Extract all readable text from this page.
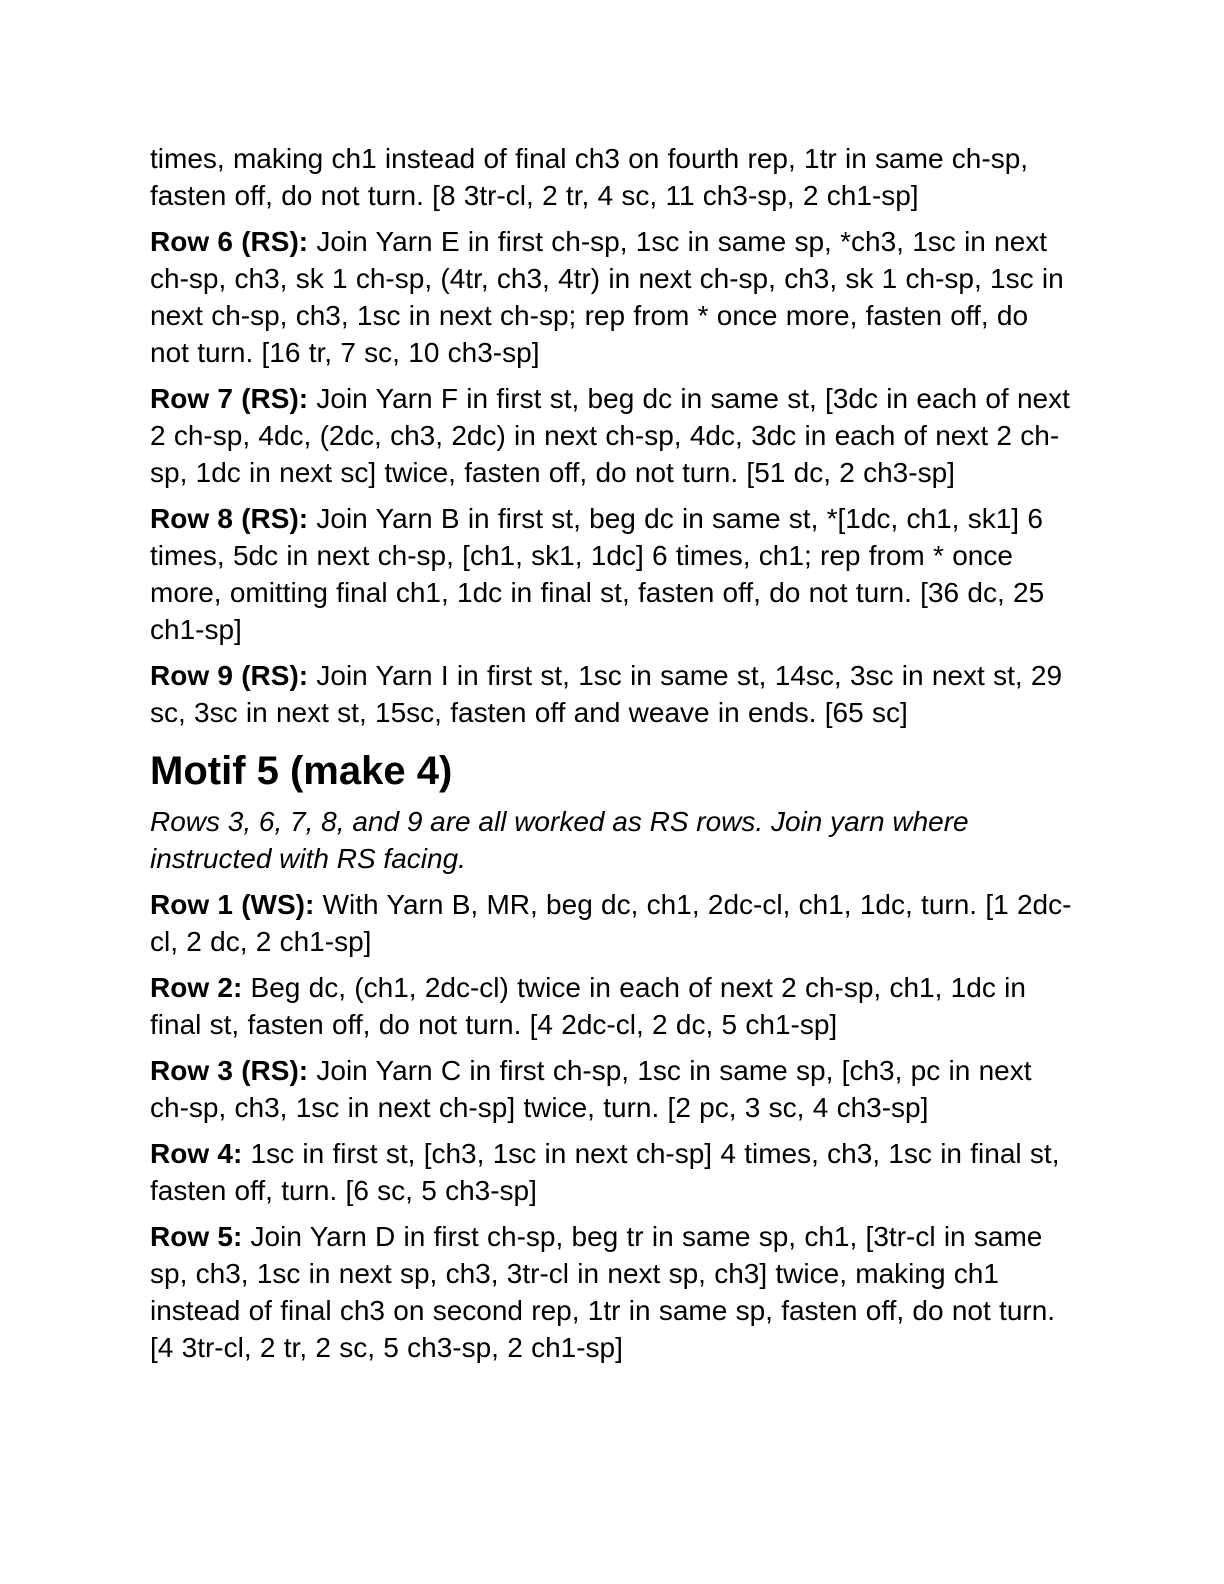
times, making ch1 instead of final ch3 on fourth rep, 1tr in same ch-sp, fasten off, do not turn. [8 3tr-cl, 2 tr, 4 sc, 11 ch3-sp, 2 ch1-sp]

Row 6 (RS): Join Yarn E in first ch-sp, 1sc in same sp, *ch3, 1sc in next ch-sp, ch3, sk 1 ch-sp, (4tr, ch3, 4tr) in next ch-sp, ch3, sk 1 ch-sp, 1sc in next ch-sp, ch3, 1sc in next ch-sp; rep from * once more, fasten off, do not turn. [16 tr, 7 sc, 10 ch3-sp]

Row 7 (RS): Join Yarn F in first st, beg dc in same st, [3dc in each of next 2 ch-sp, 4dc, (2dc, ch3, 2dc) in next ch-sp, 4dc, 3dc in each of next 2 ch-sp, 1dc in next sc] twice, fasten off, do not turn. [51 dc, 2 ch3-sp]

Row 8 (RS): Join Yarn B in first st, beg dc in same st, *[1dc, ch1, sk1] 6 times, 5dc in next ch-sp, [ch1, sk1, 1dc] 6 times, ch1; rep from * once more, omitting final ch1, 1dc in final st, fasten off, do not turn. [36 dc, 25 ch1-sp]

Row 9 (RS): Join Yarn I in first st, 1sc in same st, 14sc, 3sc in next st, 29 sc, 3sc in next st, 15sc, fasten off and weave in ends. [65 sc]

Motif 5 (make 4)

Rows 3, 6, 7, 8, and 9 are all worked as RS rows. Join yarn where instructed with RS facing.

Row 1 (WS): With Yarn B, MR, beg dc, ch1, 2dc-cl, ch1, 1dc, turn. [1 2dc-cl, 2 dc, 2 ch1-sp]

Row 2: Beg dc, (ch1, 2dc-cl) twice in each of next 2 ch-sp, ch1, 1dc in final st, fasten off, do not turn. [4 2dc-cl, 2 dc, 5 ch1-sp]

Row 3 (RS): Join Yarn C in first ch-sp, 1sc in same sp, [ch3, pc in next ch-sp, ch3, 1sc in next ch-sp] twice, turn. [2 pc, 3 sc, 4 ch3-sp]

Row 4: 1sc in first st, [ch3, 1sc in next ch-sp] 4 times, ch3, 1sc in final st, fasten off, turn. [6 sc, 5 ch3-sp]

Row 5: Join Yarn D in first ch-sp, beg tr in same sp, ch1, [3tr-cl in same sp, ch3, 1sc in next sp, ch3, 3tr-cl in next sp, ch3] twice, making ch1 instead of final ch3 on second rep, 1tr in same sp, fasten off, do not turn. [4 3tr-cl, 2 tr, 2 sc, 5 ch3-sp, 2 ch1-sp]
